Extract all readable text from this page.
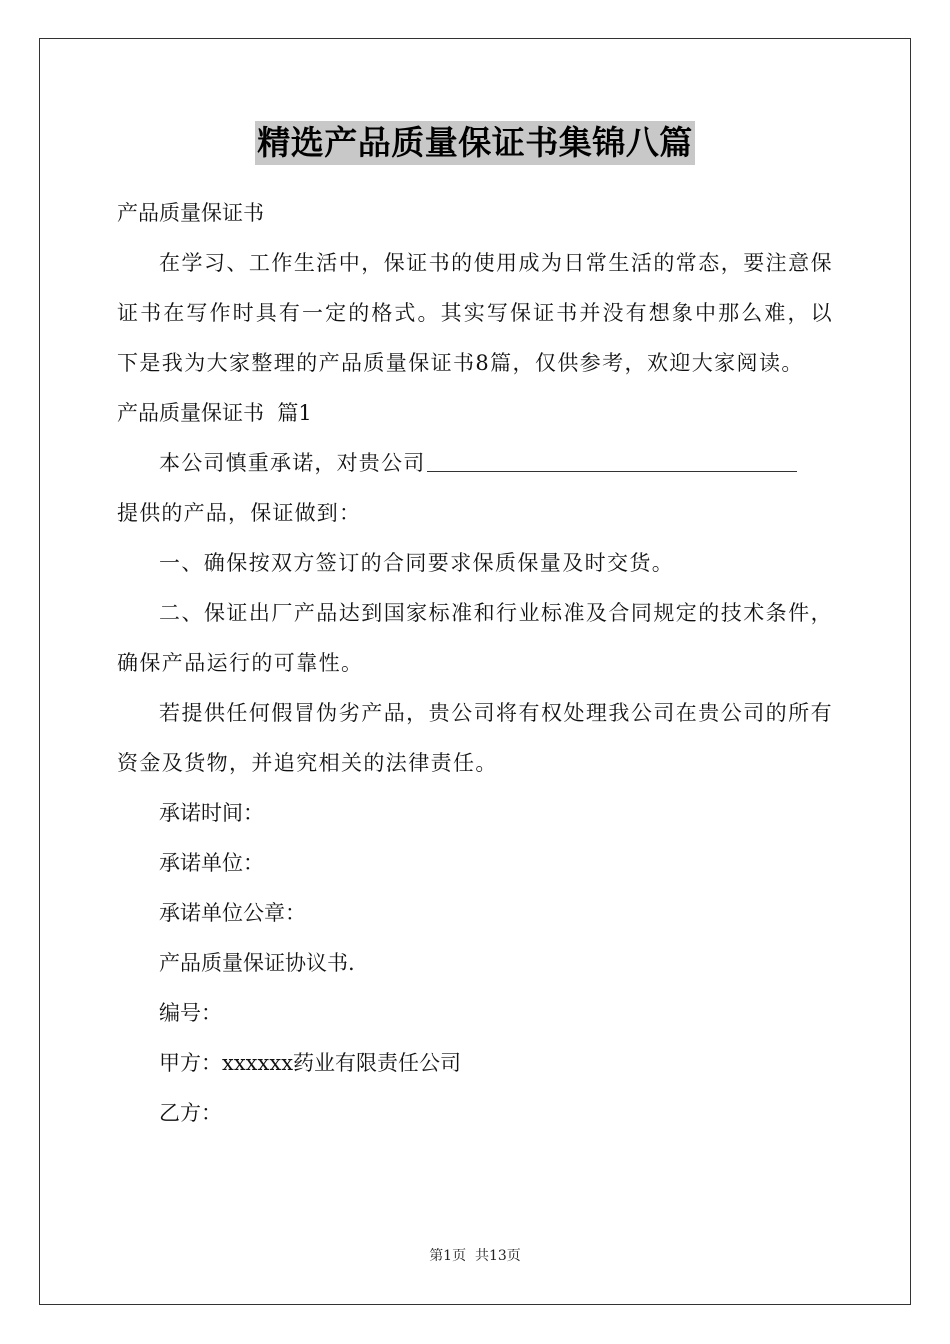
精选产品质量保证书集锦八篇

产品质量保证书

在学习、工作生活中，保证书的使用成为日常生活的常态，要注意保证书在写作时具有一定的格式。其实写保证书并没有想象中那么难，以下是我为大家整理的产品质量保证书8篇，仅供参考，欢迎大家阅读。

产品质量保证书  篇1

本公司慎重承诺，对贵公司

提供的产品，保证做到：

一、确保按双方签订的合同要求保质保量及时交货。

二、保证出厂产品达到国家标准和行业标准及合同规定的技术条件，确保产品运行的可靠性。

若提供任何假冒伪劣产品，贵公司将有权处理我公司在贵公司的所有资金及货物，并追究相关的法律责任。

承诺时间：

承诺单位：

承诺单位公章：

产品质量保证协议书.

编号：

甲方：xxxxxx药业有限责任公司

乙方：

第1页  共13页
